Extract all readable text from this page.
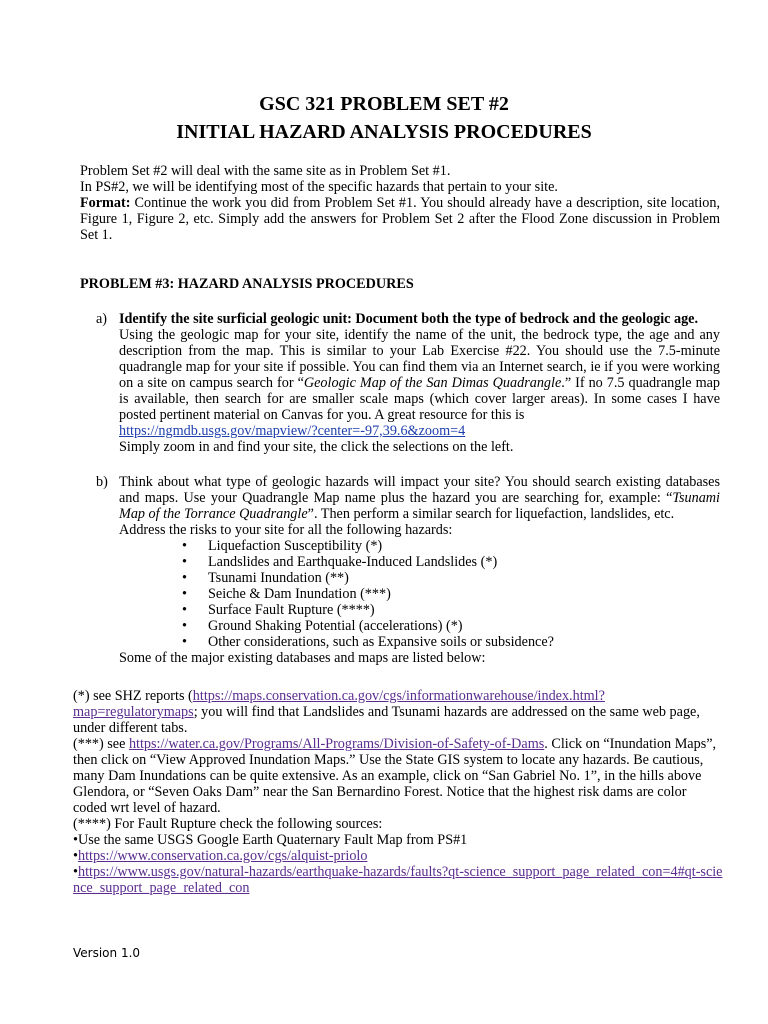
GSC 321 PROBLEM SET #2
INITIAL HAZARD ANALYSIS PROCEDURES

Problem Set #2 will deal with the same site as in Problem Set #1.

In PS#2, we will be identifying most of the specific hazards that pertain to your site.

Format: Continue the work you did from Problem Set #1. You should already have a description, site location, Figure 1, Figure 2, etc. Simply add the answers for Problem Set 2 after the Flood Zone discussion in Problem Set 1.

PROBLEM #3: HAZARD ANALYSIS PROCEDURES
a) Identify the site surficial geologic unit: Document both the type of bedrock and the geologic age.
Using the geologic map for your site, identify the name of the unit, the bedrock type, the age and any description from the map. This is similar to your Lab Exercise #22. You should use the 7.5-minute quadrangle map for your site if possible. You can find them via an Internet search, ie if you were working on a site on campus search for “Geologic Map of the San Dimas Quadrangle.” If no 7.5 quadrangle map is available, then search for are smaller scale maps (which cover larger areas). In some cases I have posted pertinent material on Canvas for you. A great resource for this is
https://ngmdb.usgs.gov/mapview/?center=-97,39.6&zoom=4
Simply zoom in and find your site, the click the selections on the left.
b) Think about what type of geologic hazards will impact your site? You should search existing databases and maps. Use your Quadrangle Map name plus the hazard you are searching for, example: “Tsunami Map of the Torrance Quadrangle”. Then perform a similar search for liquefaction, landslides, etc.
Address the risks to your site for all the following hazards:
• Liquefaction Susceptibility (*)
• Landslides and Earthquake-Induced Landslides (*)
• Tsunami Inundation (**)
• Seiche & Dam Inundation (***)
• Surface Fault Rupture (****)
• Ground Shaking Potential (accelerations) (*)
• Other considerations, such as Expansive soils or subsidence?
Some of the major existing databases and maps are listed below:

(*) see SHZ reports (https://maps.conservation.ca.gov/cgs/informationwarehouse/index.html?map=regulatorymaps; you will find that Landslides and Tsunami hazards are addressed on the same web page, under different tabs.

(***) see https://water.ca.gov/Programs/All-Programs/Division-of-Safety-of-Dams. Click on “Inundation Maps”, then click on “View Approved Inundation Maps.” Use the State GIS system to locate any hazards. Be cautious, many Dam Inundations can be quite extensive. As an example, click on “San Gabriel No. 1”, in the hills above Glendora, or “Seven Oaks Dam” near the San Bernardino Forest. Notice that the highest risk dams are color coded wrt level of hazard.

(****) For Fault Rupture check the following sources:

•Use the same USGS Google Earth Quaternary Fault Map from PS#1

•https://www.conservation.ca.gov/cgs/alquist-priolo

•https://www.usgs.gov/natural-hazards/earthquake-hazards/faults?qt-science_support_page_related_con=4#qt-science_support_page_related_con

Version 1.0
